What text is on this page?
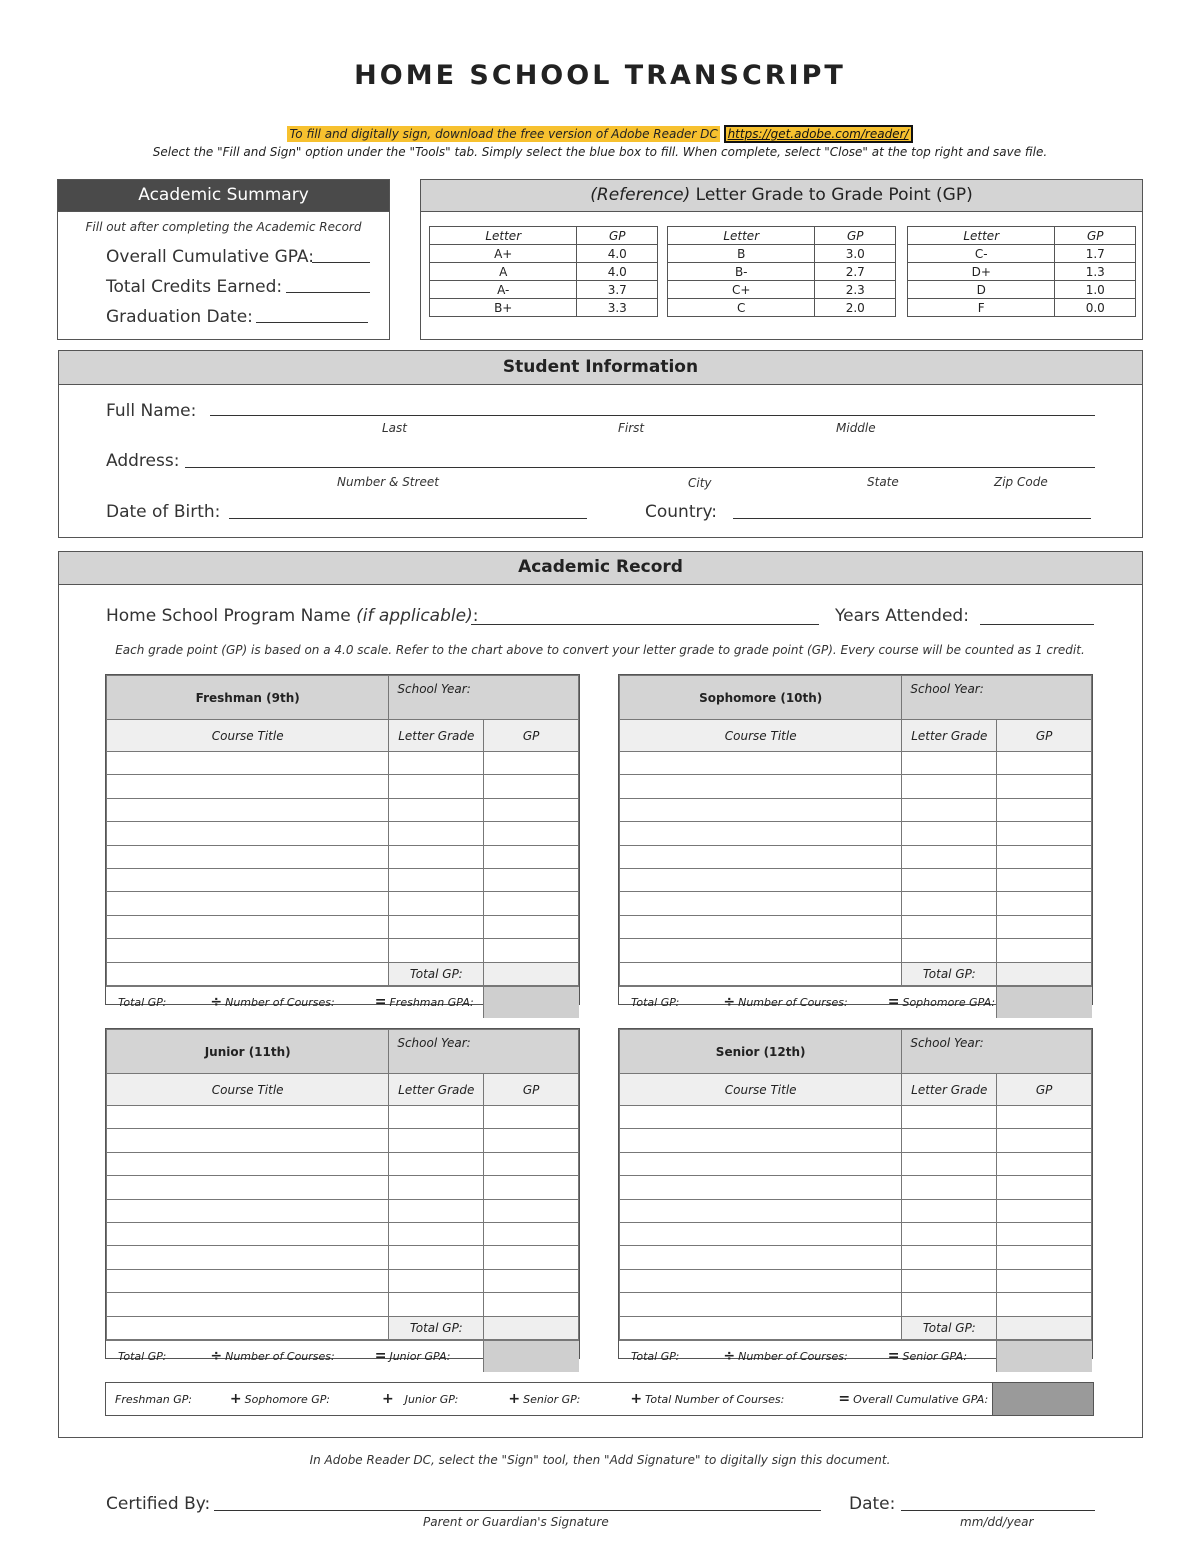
HOME SCHOOL TRANSCRIPT
To fill and digitally sign, download the free version of Adobe Reader DC https://get.adobe.com/reader/
Select the "Fill and Sign" option under the "Tools" tab. Simply select the blue box to fill. When complete, select "Close" at the top right and save file.
Academic Summary
Fill out after completing the Academic Record
Overall Cumulative GPA:
Total Credits Earned:
Graduation Date:
(Reference) Letter Grade to Grade Point (GP)
Letter	GP
A+	4.0
A	4.0
A-	3.7
B+	3.3
Letter	GP
B	3.0
B-	2.7
C+	2.3
C	2.0
Letter	GP
C-	1.7
D+	1.3
D	1.0
F	0.0
Student Information
Full Name:
Last	First	Middle
Address:
Number & Street	City	State	Zip Code
Date of Birth:	Country:
Academic Record
Home School Program Name (if applicable):	Years Attended:
Each grade point (GP) is based on a 4.0 scale. Refer to the chart above to convert your letter grade to grade point (GP). Every course will be counted as 1 credit.
Freshman (9th)	School Year:	
Course Title	Letter Grade	GP

	Total GP:	
Total GP:	÷ Number of Courses:	= Freshman GPA:
Sophomore (10th)	School Year:	
Course Title	Letter Grade	GP

	Total GP:	
Total GP:	÷ Number of Courses:	= Sophomore GPA:
Junior (11th)	School Year:	
Course Title	Letter Grade	GP

	Total GP:	
Total GP:	÷ Number of Courses:	= Junior GPA:
Senior (12th)	School Year:	
Course Title	Letter Grade	GP

	Total GP:	
Total GP:	÷ Number of Courses:	= Senior GPA:
Freshman GP:	+ Sophomore GP:	+ Junior GP:	+ Senior GP:	+ Total Number of Courses:	= Overall Cumulative GPA:
In Adobe Reader DC, select the "Sign" tool, then "Add Signature" to digitally sign this document.
Certified By:
Parent or Guardian's Signature
Date:
mm/dd/year
